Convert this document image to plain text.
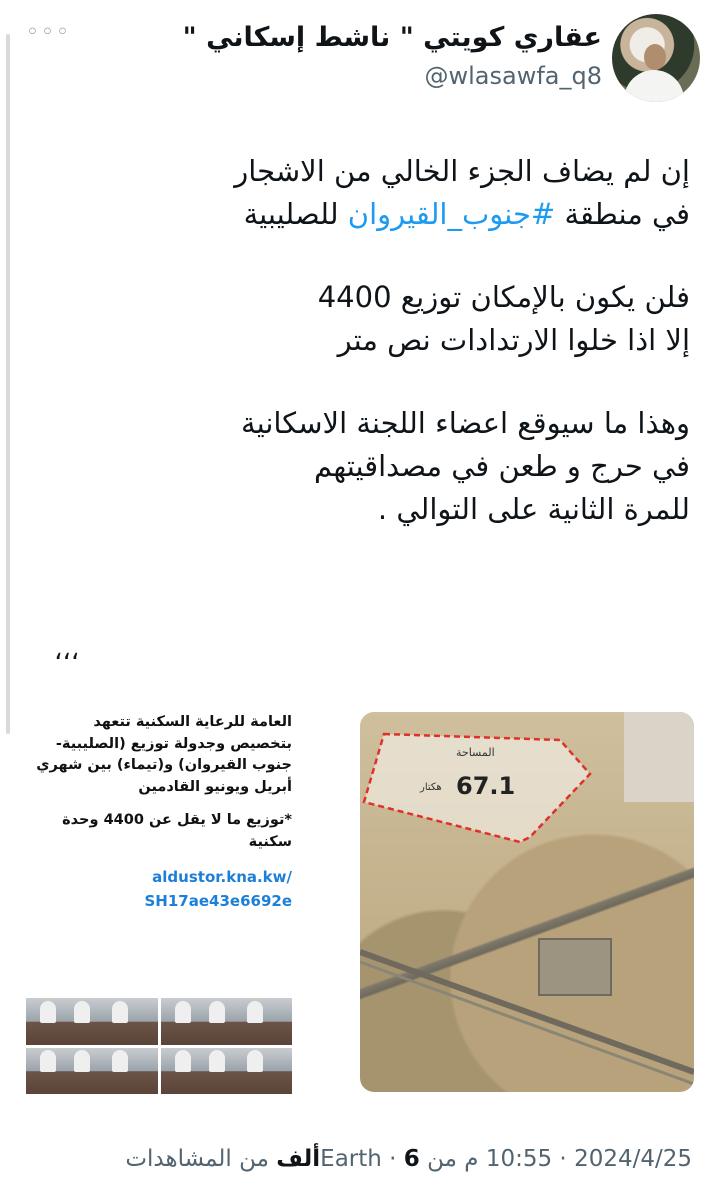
◦◦◦	عقاري كويتي " ناشط إسكاني "
@wlasawfa_q8

إن لم يضاف الجزء الخالي من الاشجار

في منطقة #جنوب_القيروان للصليبية

فلن يكون بالإمكان توزيع 4400

إلا اذا خلوا الارتدادات نص متر

وهذا ما سيوقع اعضاء اللجنة الاسكانية

في حرج و طعن في مصداقيتهم

للمرة الثانية على التوالي .

،،،

العامة للرعاية السكنية تتعهد بتخصيص وجدولة توزيع (الصليبية-جنوب القيروان) و(تيماء) بين شهري أبريل ويونيو القادمين

*توزيع ما لا يقل عن 4400 وحدة سكنية

aldustor.kna.kw/
SH17ae43e6692e
المساحة
67.1
هكتار
2024/4/25 · 10:55 م من Earth · 6ألف من المشاهدات
